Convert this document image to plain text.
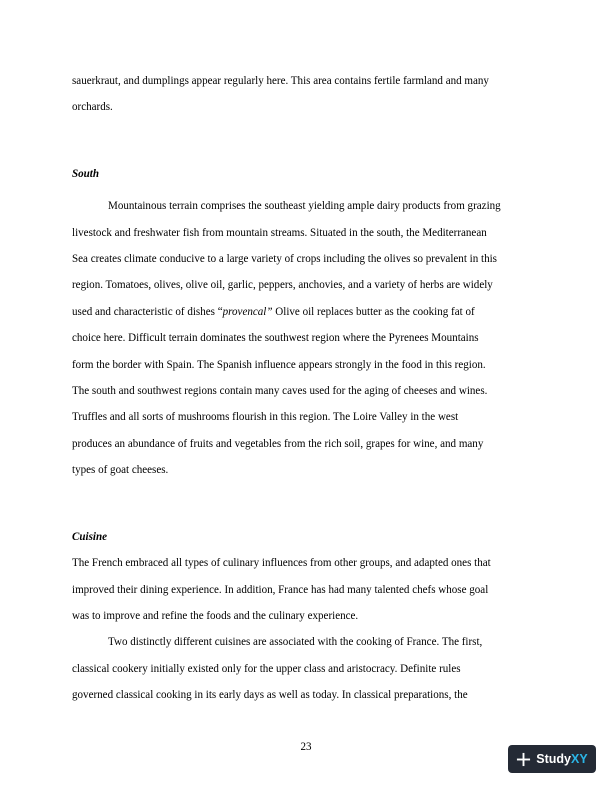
sauerkraut, and dumplings appear regularly here. This area contains fertile farmland and many

orchards.

South

Mountainous terrain comprises the southeast yielding ample dairy products from grazing

livestock and freshwater fish from mountain streams. Situated in the south, the Mediterranean

Sea creates climate conducive to a large variety of crops including the olives so prevalent in this

region. Tomatoes, olives, olive oil, garlic, peppers, anchovies, and a variety of herbs are widely

used and characteristic of dishes “provencal” Olive oil replaces butter as the cooking fat of

choice here. Difficult terrain dominates the southwest region where the Pyrenees Mountains

form the border with Spain. The Spanish influence appears strongly in the food in this region.

The south and southwest regions contain many caves used for the aging of cheeses and wines.

Truffles and all sorts of mushrooms flourish in this region. The Loire Valley in the west

produces an abundance of fruits and vegetables from the rich soil, grapes for wine, and many

types of goat cheeses.

Cuisine

The French embraced all types of culinary influences from other groups, and adapted ones that

improved their dining experience. In addition, France has had many talented chefs whose goal

was to improve and refine the foods and the culinary experience.

Two distinctly different cuisines are associated with the cooking of France. The first,

classical cookery initially existed only for the upper class and aristocracy. Definite rules

governed classical cooking in its early days as well as today. In classical preparations, the

23
Study XY
